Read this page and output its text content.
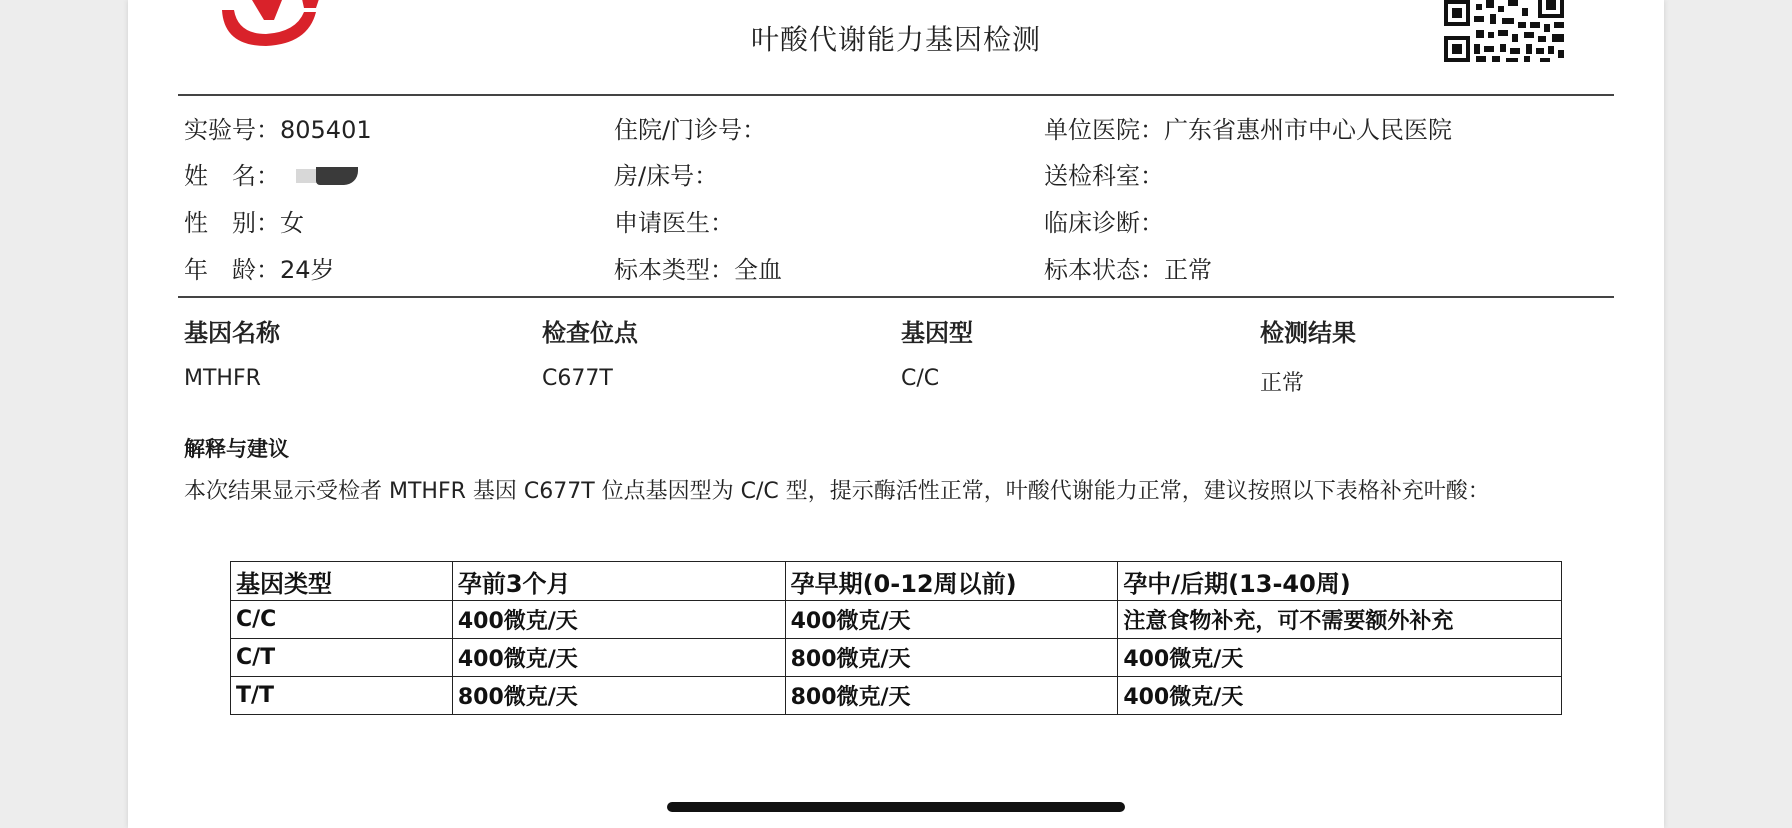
叶酸代谢能力基因检测
实验号：805401
姓　名：
性　别：女
年　龄：24岁
住院/门诊号：
房/床号：
申请医生：
标本类型：全血
单位医院：广东省惠州市中心人民医院
送检科室：
临床诊断：
标本状态：正常
基因名称	检查位点	基因型	检测结果
MTHFR	C677T	C/C	正常
解释与建议
本次结果显示受检者 MTHFR 基因 C677T 位点基因型为 C/C 型，提示酶活性正常，叶酸代谢能力正常，建议按照以下表格补充叶酸：
基因类型	孕前3个月	孕早期(0-12周以前)	孕中/后期(13-40周)
C/C	400微克/天	400微克/天	注意食物补充，可不需要额外补充
C/T	400微克/天	800微克/天	400微克/天
T/T	800微克/天	800微克/天	400微克/天
